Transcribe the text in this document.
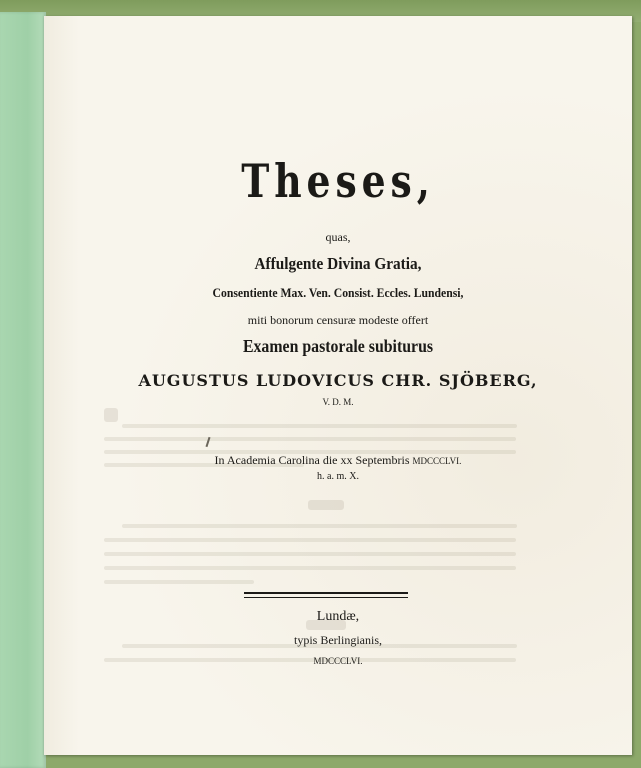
Theses,
quas,
Affulgente Divina Gratia,
Consentiente Max. Ven. Consist. Eccles. Lundensi,
miti bonorum censuræ modeste offert
Examen pastorale subiturus
AUGUSTUS LUDOVICUS CHR. SJÖBERG,
V. D. M.
In Academia Carolina die xx Septembris MDCCCLVI.
h. a. m. X.
Lundæ,
typis Berlingianis,
MDCCCLVI.
